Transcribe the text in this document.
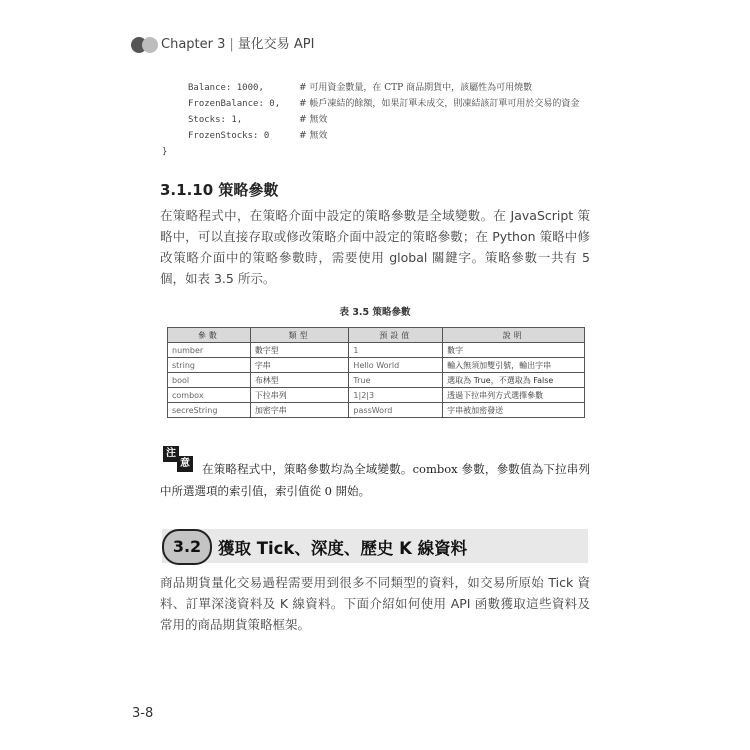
Chapter 3 | 量化交易 API
Balance: 1000,	# 可用資金數量，在 CTP 商品期貨中，該屬性為可用燒數
FrozenBalance: 0, # 帳戶凍結的餘額，如果訂單未成交，則凍結該訂單可用於交易的資金
Stocks: 1,	# 無效
FrozenStocks: 0	# 無效
}
3.1.10 策略參數
在策略程式中，在策略介面中設定的策略參數是全域變數。在 JavaScript 策略中，可以直接存取或修改策略介面中設定的策略參數；在 Python 策略中修改策略介面中的策略參數時，需要使用 global 關鍵字。策略參數一共有 5 個，如表 3.5 所示。
表 3.5 策略參數
參數	類型	預設值	說明
number	數字型	1	數字
string	字串	Hello World	輸入無須加雙引號，輸出字串
bool	布林型	True	選取為 True，不選取為 False
combox	下拉串列	1|2|3	透過下拉串列方式選擇參數
secreString	加密字串	passWord	字串被加密發送
注
意	在策略程式中，策略參數均為全域變數。combox 參數，參數值為下拉串列中所選選項的索引值，索引值從 0 開始。
3.2	獲取 Tick、深度、歷史 K 線資料
商品期貨量化交易過程需要用到很多不同類型的資料，如交易所原始 Tick 資料、訂單深淺資料及 K 線資料。下面介紹如何使用 API 函數獲取這些資料及常用的商品期貨策略框架。
3-8
